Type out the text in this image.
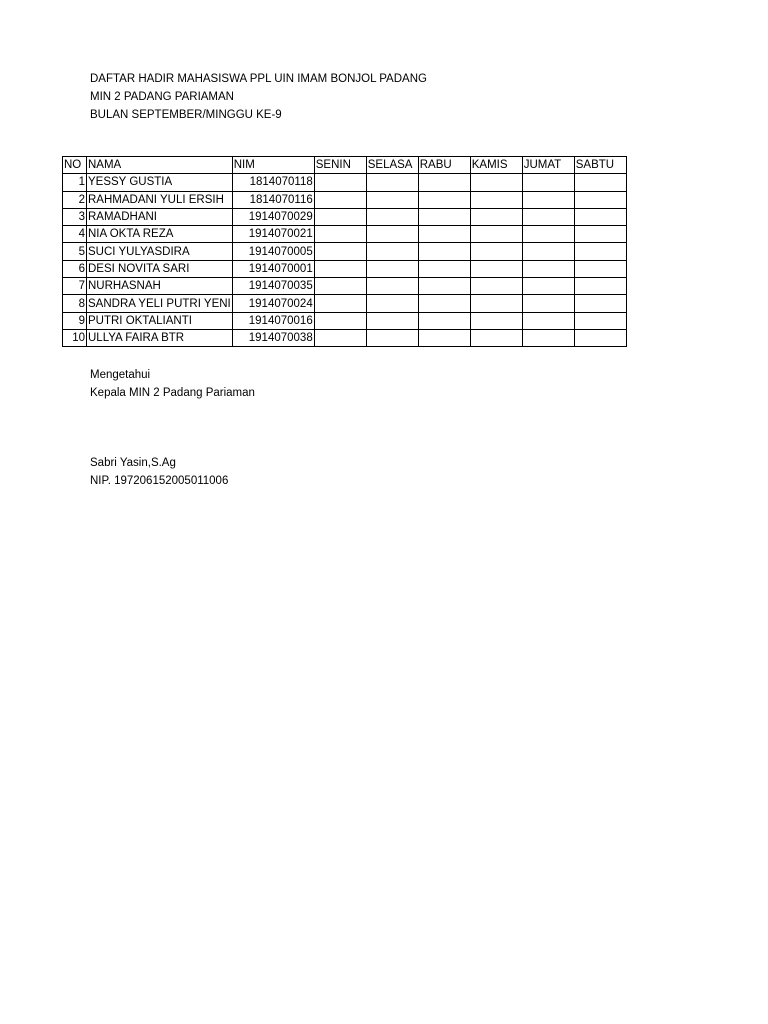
DAFTAR HADIR MAHASISWA PPL UIN IMAM BONJOL PADANG
MIN 2 PADANG PARIAMAN
BULAN SEPTEMBER/MINGGU KE-9
NO	NAMA	NIM	SENIN	SELASA	RABU	KAMIS	JUMAT	SABTU
1	YESSY GUSTIA	1814070118						
2	RAHMADANI YULI ERSIH	1814070116						
3	RAMADHANI	1914070029						
4	NIA OKTA REZA	1914070021						
5	SUCI YULYASDIRA	1914070005						
6	DESI NOVITA SARI	1914070001						
7	NURHASNAH	1914070035						
8	SANDRA YELI PUTRI YENI	1914070024						
9	PUTRI OKTALIANTI	1914070016						
10	ULLYA FAIRA BTR	1914070038						
Mengetahui
Kepala MIN 2 Padang Pariaman
Sabri Yasin,S.Ag
NIP. 197206152005011006
